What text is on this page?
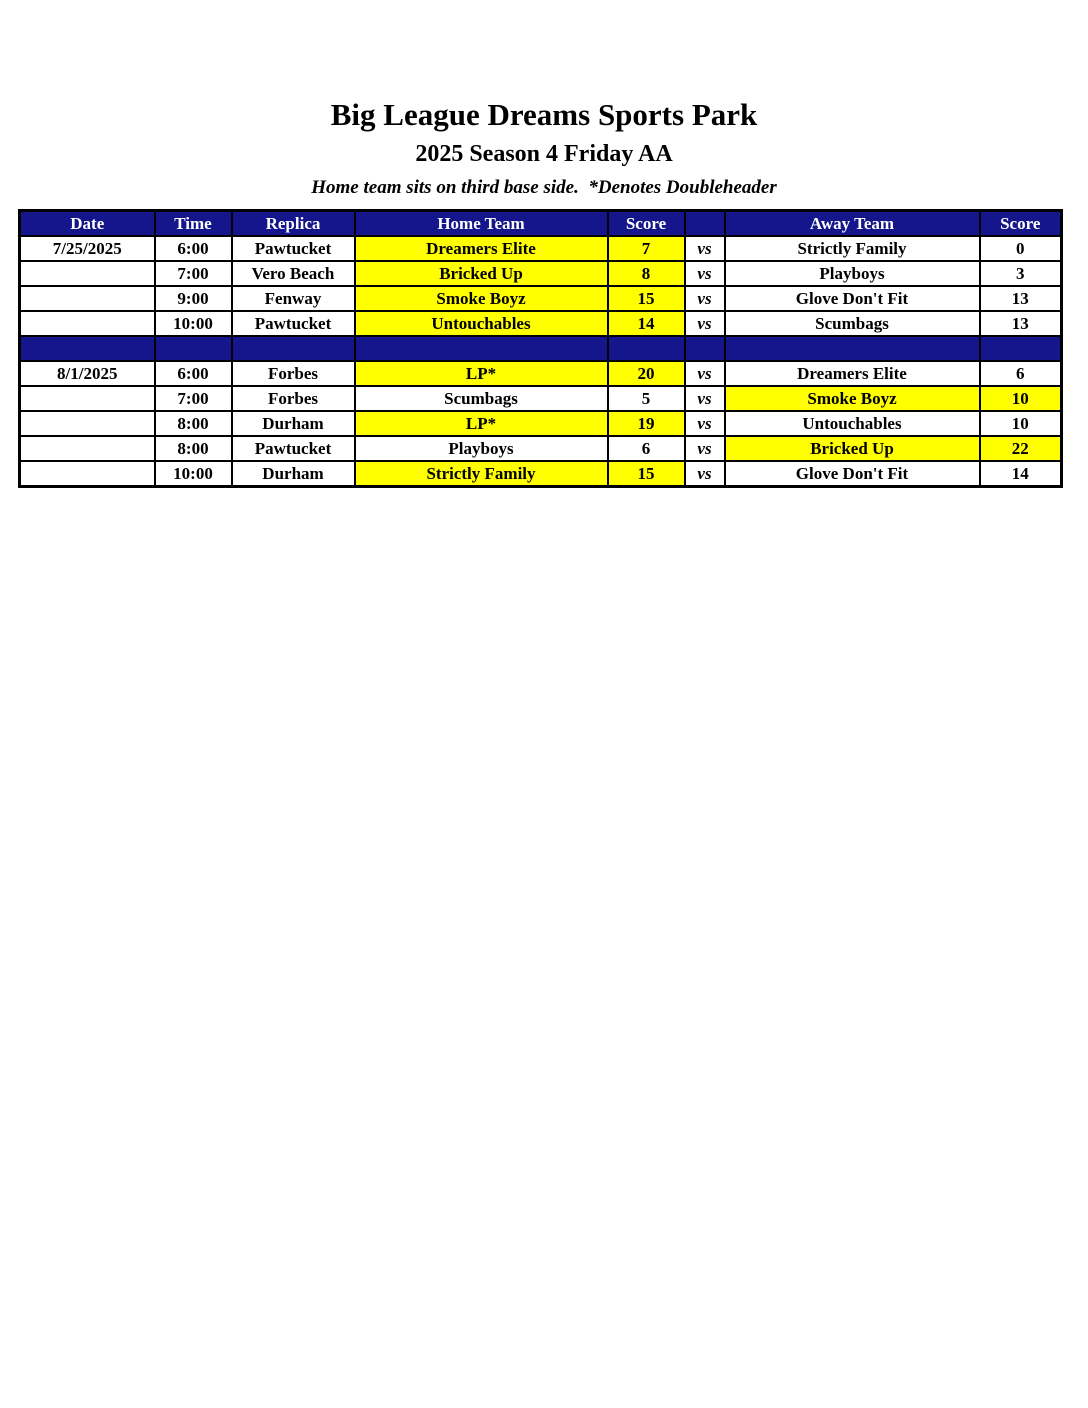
Big League Dreams Sports Park
2025 Season 4 Friday AA
Home team sits on third base side.  *Denotes Doubleheader
Date	Time	Replica	Home Team	Score		Away Team	Score
7/25/2025	6:00	Pawtucket	Dreamers Elite	7	vs	Strictly Family	0
	7:00	Vero Beach	Bricked Up	8	vs	Playboys	3
	9:00	Fenway	Smoke Boyz	15	vs	Glove Don't Fit	13
	10:00	Pawtucket	Untouchables	14	vs	Scumbags	13

8/1/2025	6:00	Forbes	LP*	20	vs	Dreamers Elite	6
	7:00	Forbes	Scumbags	5	vs	Smoke Boyz	10
	8:00	Durham	LP*	19	vs	Untouchables	10
	8:00	Pawtucket	Playboys	6	vs	Bricked Up	22
	10:00	Durham	Strictly Family	15	vs	Glove Don't Fit	14
